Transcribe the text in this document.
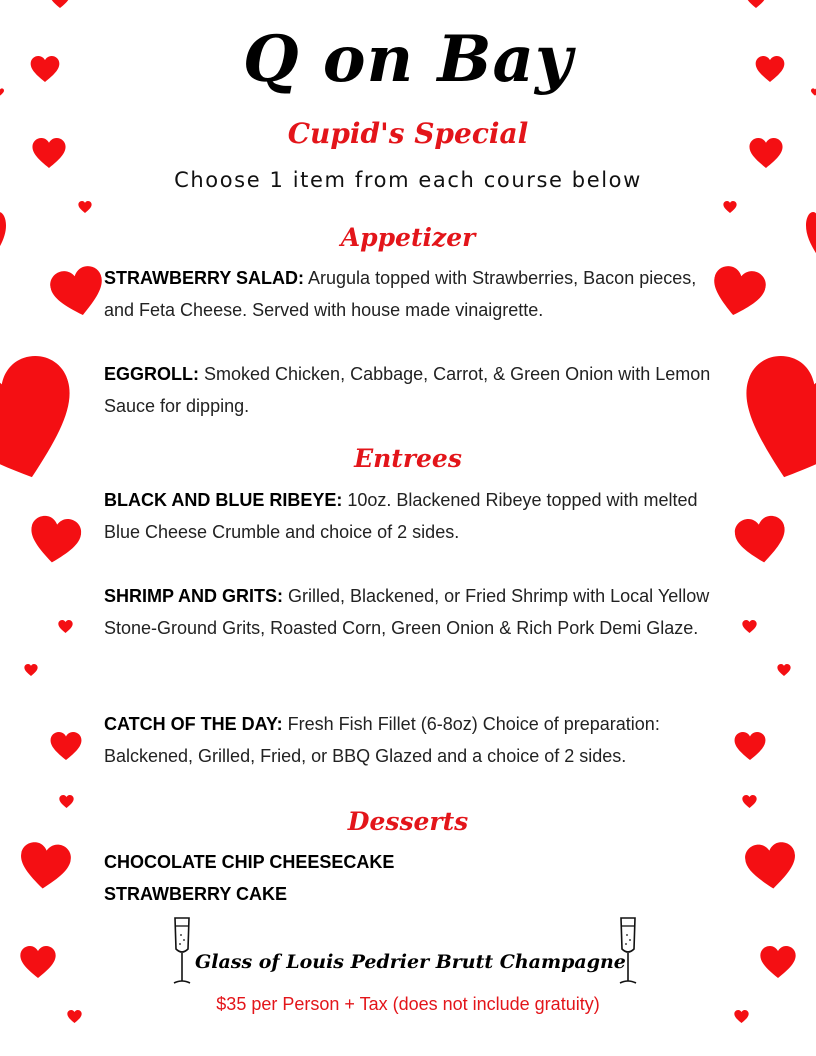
Q on Bay
Cupid's Special
Choose 1 item from each course below
Appetizer
STRAWBERRY SALAD: Arugula topped with Strawberries, Bacon pieces, and Feta Cheese. Served with house made vinaigrette.
EGGROLL: Smoked Chicken, Cabbage, Carrot, & Green Onion with Lemon Sauce for dipping.
Entrees
BLACK AND BLUE RIBEYE: 10oz. Blackened Ribeye topped with melted Blue Cheese Crumble and choice of 2 sides.
SHRIMP AND GRITS: Grilled, Blackened, or Fried Shrimp with Local Yellow Stone-Ground Grits, Roasted Corn, Green Onion & Rich Pork Demi Glaze.
CATCH OF THE DAY: Fresh Fish Fillet (6-8oz) Choice of preparation: Balckened, Grilled, Fried, or BBQ Glazed and a choice of 2 sides.
Desserts
CHOCOLATE CHIP CHEESECAKE
STRAWBERRY CAKE
Glass of Louis Pedrier Brutt Champagne
$35 per Person + Tax (does not include gratuity)
